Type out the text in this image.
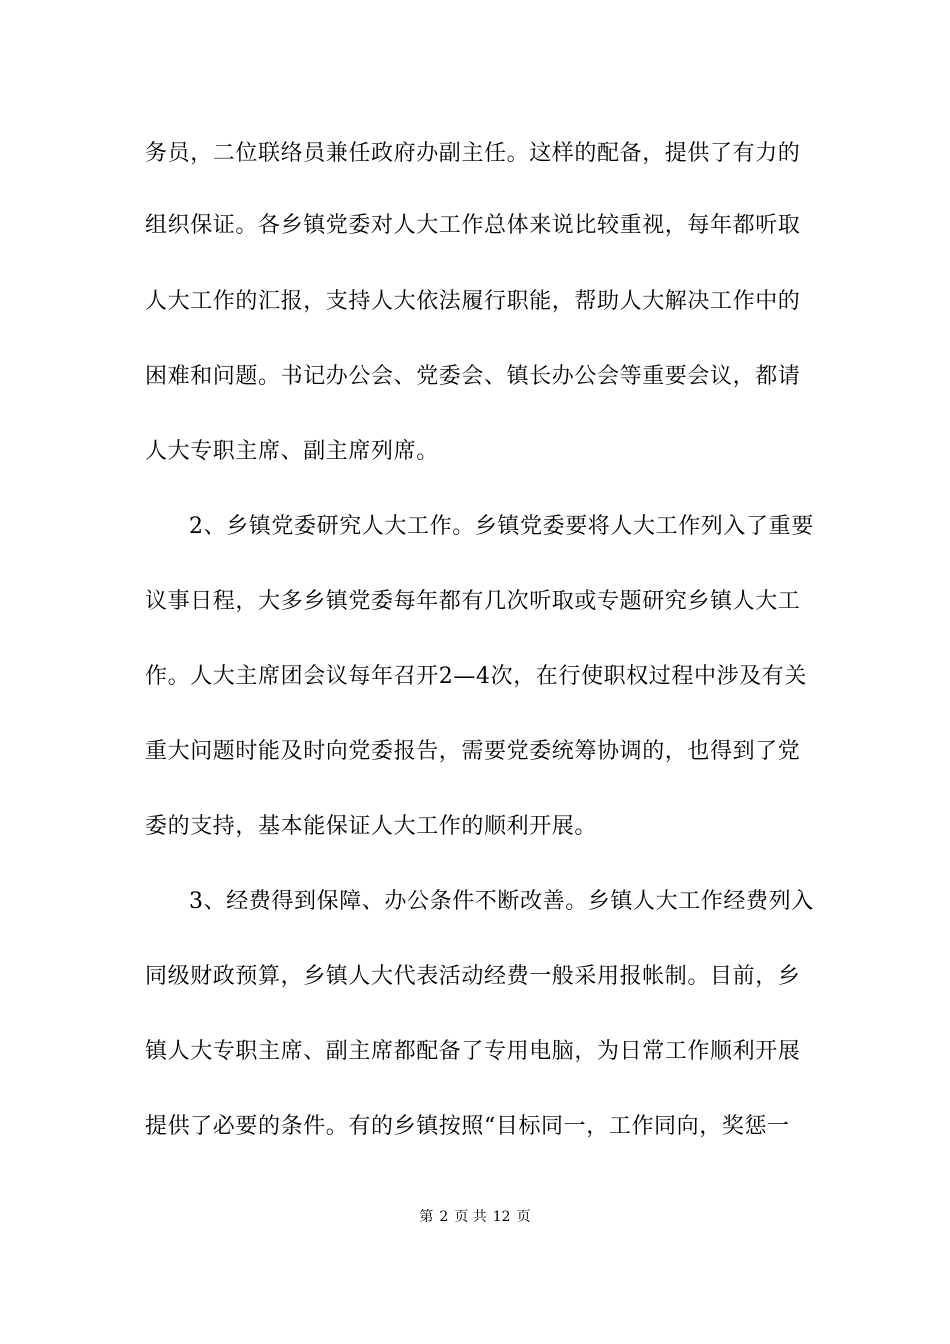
务员，二位联络员兼任政府办副主任。这样的配备，提供了有力的
组织保证。各乡镇党委对人大工作总体来说比较重视，每年都听取
人大工作的汇报，支持人大依法履行职能，帮助人大解决工作中的
困难和问题。书记办公会、党委会、镇长办公会等重要会议，都请
人大专职主席、副主席列席。
2、乡镇党委研究人大工作。乡镇党委要将人大工作列入了重要
议事日程，大多乡镇党委每年都有几次听取或专题研究乡镇人大工
作。人大主席团会议每年召开2—4次，在行使职权过程中涉及有关
重大问题时能及时向党委报告，需要党委统筹协调的，也得到了党
委的支持，基本能保证人大工作的顺利开展。
3、经费得到保障、办公条件不断改善。乡镇人大工作经费列入
同级财政预算，乡镇人大代表活动经费一般采用报帐制。目前，乡
镇人大专职主席、副主席都配备了专用电脑，为日常工作顺利开展
提供了必要的条件。有的乡镇按照“目标同一，工作同向，奖惩一
第 2 页 共 12 页
